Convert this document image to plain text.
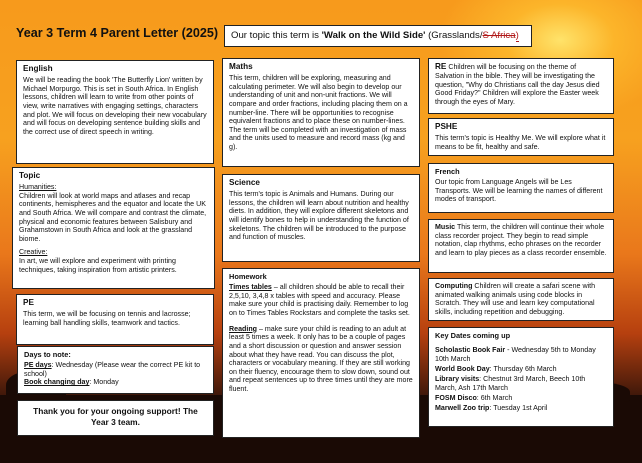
Year 3 Term 4 Parent Letter (2025)	Our topic this term is 'Walk on the Wild Side' (Grasslands/S Africa)
English

We will be reading the book 'The Butterfly Lion' written by Michael Morpurgo. This is set in South Africa. In English lessons, children will learn to write from other points of view, write narratives with engaging settings, characters and plot. We will focus on developing their new vocabulary and will focus on developing sentence building skills and the correct use of direct speech in writing.

Topic

Humanities:

Children will look at world maps and atlases and recap continents, hemispheres and the equator and locate the UK and South Africa. We will compare and contrast the climate, physical and economic features between Salisbury and Grahamstown in South Africa and look at the grassland biome.

Creative:

In art, we will explore and experiment with printing techniques, taking inspiration from artistic printers.

PE

This term, we will be focusing on tennis and lacrosse; learning ball handling skills, teamwork and tactics.

Days to note:

PE days: Wednesday (Please wear the correct PE kit to school)

Book changing day: Monday

Thank you for your ongoing support! The Year 3 team.
Maths

This term, children will be exploring, measuring and calculating perimeter. We will also begin to develop our understanding of unit and non-unit fractions. We will compare and order fractions, including placing them on a number-line. There will be opportunities to recognise equivalent fractions and to place these on number-lines. The term will be completed with an investigation of mass and the units used to measure and record mass (kg and g).

Science

This term's topic is Animals and Humans. During our lessons, the children will learn about nutrition and healthy diets. In addition, they will explore different skeletons and will identify bones to help in understanding the function of skeletons. The children will be introduced to the purpose and function of muscles.

Homework

Times tables – all children should be able to recall their 2,5,10, 3,4,8 x tables with speed and accuracy. Please make sure your child is practising daily. Remember to log on to Times Tables Rockstars and complete the tasks set.

Reading – make sure your child is reading to an adult at least 5 times a week. It only has to be a couple of pages and a short discussion or question and answer session about what they have read. You can discuss the plot, characters or vocabulary meaning. If they are still working on their fluency, encourage them to slow down, sound out and repeat sentences up to three times until they are more fluent.

RE Children will be focusing on the theme of Salvation in the bible. They will be investigating the question, "Why do Christians call the day Jesus died Good Friday?" Children will explore the Easter week through the eyes of Mary.

PSHE

This term's topic is Healthy Me. We will explore what it means to be fit, healthy and safe.

French

Our topic from Language Angels will be Les Transports. We will be learning the names of different modes of transport.

Music This term, the children will continue their whole class recorder project. They begin to read simple notation, clap rhythms, echo phrases on the recorder and learn to play pieces as a class recorder ensemble.

Computing Children will create a safari scene with animated walking animals using code blocks in Scratch. They will use and learn key computational skills, including repetition and debugging.

Key Dates coming up

Scholastic Book Fair - Wednesday 5th to Monday 10th March

World Book Day: Thursday 6th March

Library visits: Chestnut 3rd March, Beech 10th March, Ash 17th March

FOSM Disco: 6th March

Marwell Zoo trip: Tuesday 1st April
